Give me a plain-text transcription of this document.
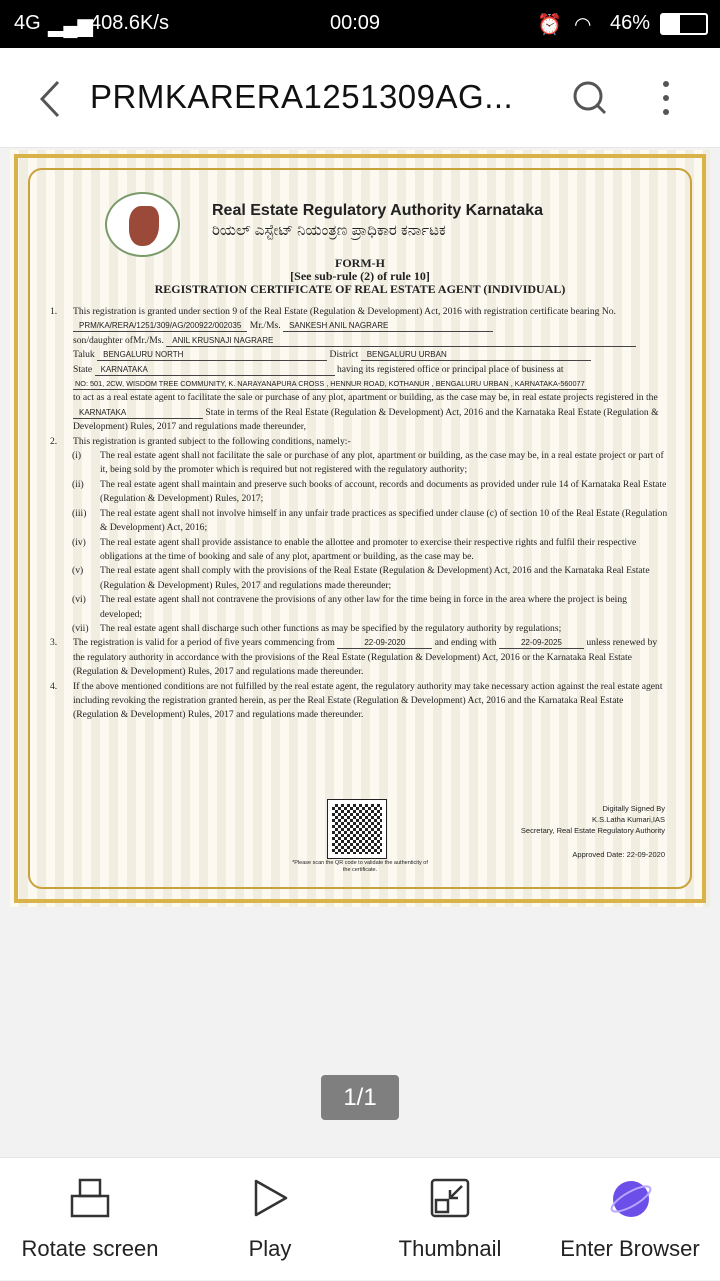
4G ▂▄▆
408.6K/s	00:09	⏰ ◠ 46%
PRMKARERA1251309AG...
Real Estate Regulatory Authority Karnataka
ರಿಯಲ್ ಎಸ್ಟೇಟ್ ನಿಯಂತ್ರಣ ಪ್ರಾಧಿಕಾರ ಕರ್ನಾಟಕ
FORM-H
[See sub-rule (2) of rule 10]
REGISTRATION CERTIFICATE OF REAL ESTATE AGENT (INDIVIDUAL)
1. This registration is granted under section 9 of the Real Estate (Regulation & Development) Act, 2016 with registration certificate bearing No. PRM/KA/RERA/1251/309/AG/200922/002035 Mr./Ms. SANKESH ANIL NAGRARE
son/daughter ofMr./Ms. ANIL KRUSNAJI NAGRARE
Taluk BENGALURU NORTH	District BENGALURU URBAN
State KARNATAKA	having its registered office or principal place of business at
NO: 501, 2CW, WISDOM TREE COMMUNITY, K. NARAYANAPURA CROSS , HENNUR ROAD, KOTHANUR , BENGALURU URBAN , KARNATAKA-560077
to act as a real estate agent to facilitate the sale or purchase of any plot, apartment or building, as the case may be, in real estate projects registered in the KARNATAKA	State in terms of the Real Estate (Regulation & Development) Act, 2016 and the Karnataka Real Estate (Regulation & Development) Rules, 2017 and regulations made thereunder,
2. This registration is granted subject to the following conditions, namely:-
(i) The real estate agent shall not facilitate the sale or purchase of any plot, apartment or building, as the case may be, in a real estate project or part of it, being sold by the promoter which is required but not registered with the regulatory authority;
(ii) The real estate agent shall maintain and preserve such books of account, records and documents as provided under rule 14 of Karnataka Real Estate (Regulation & Development) Rules, 2017;
(iii) The real estate agent shall not involve himself in any unfair trade practices as specified under clause (c) of section 10 of the Real Estate (Regulation & Development) Act, 2016;
(iv) The real estate agent shall provide assistance to enable the allottee and promoter to exercise their respective rights and fulfil their respective obligations at the time of booking and sale of any plot, apartment or building, as the case may be.
(v) The real estate agent shall comply with the provisions of the Real Estate (Regulation & Development) Act, 2016 and the Karnataka Real Estate (Regulation & Development) Rules, 2017 and regulations made thereunder;
(vi) The real estate agent shall not contravene the provisions of any other law for the time being in force in the area where the project is being developed;
(vii) The real estate agent shall discharge such other functions as may be specified by the regulatory authority by regulations;
3. The registration is valid for a period of five years commencing from	22-09-2020	and ending with	22-09-2025	unless renewed by the regulatory authority in accordance with the provisions of the Real Estate (Regulation & Development) Act, 2016 or the Karnataka Real Estate (Regulation & Development) Rules, 2017 and regulations made thereunder.
4. If the above mentioned conditions are not fulfilled by the real estate agent, the regulatory authority may take necessary action against the real estate agent including revoking the registration granted herein, as per the Real Estate (Regulation & Development) Act, 2016 and the Karnataka Real Estate (Regulation & Development) Rules, 2017 and regulations made thereunder.
*Please scan the QR code to validate the authenticity of the certificate.
Digitally Signed By
K.S.Latha Kumari,IAS
Secretary, Real Estate Regulatory Authority
Approved Date: 22-09-2020
1/1
Rotate screen	Play	Thumbnail	Enter Browser
